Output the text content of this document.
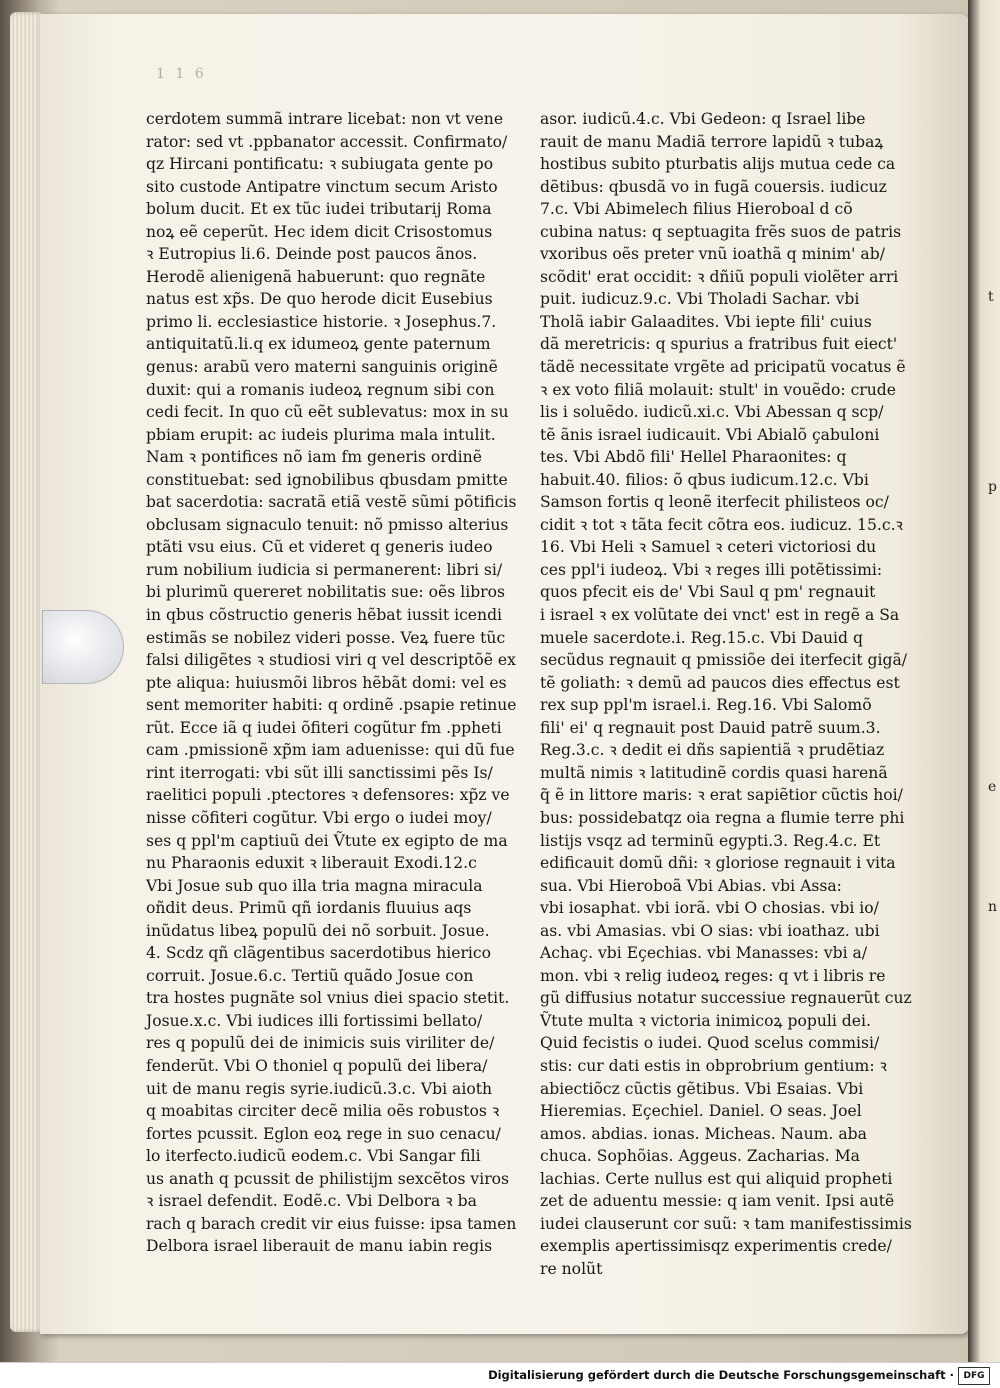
t
p
e
n
1 1 6
cerdotem summã intrare licebat: non vt vene
rator: sed vt .ppbanator accessit. Confirmato/
qz Hircani pontificatu: ꝛ subiugata gente po
sito custode Antipatre vinctum secum Aristo
bolum ducit. Et ex tũc iudei tributarij Roma
noꝝ eẽ ceperũt. Hec idem dicit Crisostomus
ꝛ Eutropius li.6. Deinde post paucos ãnos.
Herodẽ alienigenã habuerunt: quo regnãte
natus est xp̃s. De quo herode dicit Eusebius
primo li. ecclesiastice historie. ꝛ Josephus.7.
antiquitatũ.li.q ex idumeoꝝ gente paternum
genus: arabũ vero materni sanguinis originẽ
duxit: qui a romanis iudeoꝝ regnum sibi con
cedi fecit. In quo cũ eẽt sublevatus: mox in su
pbiam erupit: ac iudeis plurima mala intulit.
Nam ꝛ pontifices nõ iam fm generis ordinẽ
constituebat: sed ignobilibus qbusdam pmitte
bat sacerdotia: sacratã etiã vestẽ sũmi põtificis
obclusam signaculo tenuit: nõ pmisso alterius
ptãti vsu eius. Cũ et videret q generis iudeo
rum nobilium iudicia si permanerent: libri si/
bi plurimũ quereret nobilitatis sue: oẽs libros
in qbus cõstructio generis hẽbat iussit icendi
estimãs se nobilez videri posse. Veꝝ fuere tũc
falsi diligẽtes ꝛ studiosi viri q vel descriptõẽ ex
pte aliqua: huiusmõi libros hẽbãt domi: vel es
sent memoriter habiti: q ordinẽ .psapie retinue
rũt. Ecce iã q iudei õfiteri cogũtur fm .ppheti
cam .pmissionẽ xp̃m iam aduenisse: qui dũ fue
rint iterrogati: vbi sũt illi sanctissimi pẽs Is/
raelitici populi .ptectores ꝛ defensores: xp̃z ve
nisse cõfiteri cogũtur. Vbi ergo o iudei moy/
ses q ppl'm captiuũ dei Ṽtute ex egipto de ma
nu Pharaonis eduxit ꝛ liberauit Exodi.12.c
Vbi Josue sub quo illa tria magna miracula
oñdit deus. Primũ qñ iordanis fluuius aqs
inũdatus libeꝝ populũ dei nõ sorbuit. Josue.
4. Scdz qñ clãgentibus sacerdotibus hierico
corruit. Josue.6.c. Tertiũ quãdo Josue con
tra hostes pugnãte sol vnius diei spacio stetit.
Josue.x.c. Vbi iudices illi fortissimi bellato/
res q populũ dei de inimicis suis viriliter de/
fenderũt. Vbi O thoniel q populũ dei libera/
uit de manu regis syrie.iudicũ.3.c. Vbi aioth
q moabitas circiter decẽ milia oẽs robustos ꝛ
fortes pcussit. Eglon eoꝝ rege in suo cenacu/
lo iterfecto.iudicũ eodem.c. Vbi Sangar fili
us anath q pcussit de philistijm sexcẽtos viros
ꝛ israel defendit. Eodẽ.c. Vbi Delbora ꝛ ba
rach q barach credit vir eius fuisse: ipsa tamen
Delbora israel liberauit de manu iabin regis
asor. iudicũ.4.c. Vbi Gedeon: q Israel libe
rauit de manu Madiã terrore lapidũ ꝛ tubaꝝ
hostibus subito pturbatis alijs mutua cede ca
dẽtibus: qbusdã vo in fugã couersis. iudicuz
7.c. Vbi Abimelech filius Hieroboal d cõ
cubina natus: q septuagita frẽs suos de patris
vxoribus oẽs preter vnũ ioathã q minim' ab/
scõdit' erat occidit: ꝛ dñiũ populi violẽter arri
puit. iudicuz.9.c. Vbi Tholadi Sachar. vbi
Tholã iabir Galaadites. Vbi iepte fili' cuius
dã meretricis: q spurius a fratribus fuit eiect'
tãdẽ necessitate vrgẽte ad pricipatũ vocatus ẽ
ꝛ ex voto filiã molauit: stult' in vouẽdo: crude
lis i soluẽdo. iudicũ.xi.c. Vbi Abessan q scp/
tẽ ãnis israel iudicauit. Vbi Abialõ çabuloni
tes. Vbi Abdõ fili' Hellel Pharaonites: q
habuit.40. filios: õ qbus iudicum.12.c. Vbi
Samson fortis q leonẽ iterfecit philisteos oc/
cidit ꝛ tot ꝛ tãta fecit cõtra eos. iudicuz. 15.c.ꝛ
16. Vbi Heli ꝛ Samuel ꝛ ceteri victoriosi du
ces ppl'i iudeoꝝ. Vbi ꝛ reges illi potẽtissimi:
quos pfecit eis de' Vbi Saul q pm' regnauit
i israel ꝛ ex volũtate dei vnct' est in regẽ a Sa
muele sacerdote.i. Reg.15.c. Vbi Dauid q
secũdus regnauit q pmissiõe dei iterfecit gigã/
tẽ goliath: ꝛ demũ ad paucos dies effectus est
rex sup ppl'm israel.i. Reg.16. Vbi Salomõ
fili' ei' q regnauit post Dauid patrẽ suum.3.
Reg.3.c. ꝛ dedit ei dñs sapientiã ꝛ prudẽtiaz
multã nimis ꝛ latitudinẽ cordis quasi harenã
q̃ ẽ in littore maris: ꝛ erat sapiẽtior cũctis hoi/
bus: possidebatqz oia regna a flumie terre phi
listijs vsqz ad terminũ egypti.3. Reg.4.c. Et
edificauit domũ dñi: ꝛ gloriose regnauit i vita
sua. Vbi Hieroboã Vbi Abias. vbi Assa:
vbi iosaphat. vbi iorã. vbi O chosias. vbi io/
as. vbi Amasias. vbi O sias: vbi ioathaz. ubi
Achaç. vbi Eçechias. vbi Manasses: vbi a/
mon. vbi ꝛ relig iudeoꝝ reges: q vt i libris re
gũ diffusius notatur successiue regnauerũt cuz
Ṽtute multa ꝛ victoria inimicoꝝ populi dei.
Quid fecistis o iudei. Quod scelus commisi/
stis: cur dati estis in obprobrium gentium: ꝛ
abiectiõcz cũctis gẽtibus. Vbi Esaias. Vbi
Hieremias. Eçechiel. Daniel. O seas. Joel
amos. abdias. ionas. Micheas. Naum. aba
chuca. Sophõias. Aggeus. Zacharias. Ma
lachias. Certe nullus est qui aliquid propheti
zet de aduentu messie: q iam venit. Ipsi autẽ
iudei clauserunt cor suũ: ꝛ tam manifestissimis
exemplis apertissimisqz experimentis crede/
re nolũt
Digitalisierung gefördert durch die Deutsche Forschungsgemeinschaft ·	DFG
